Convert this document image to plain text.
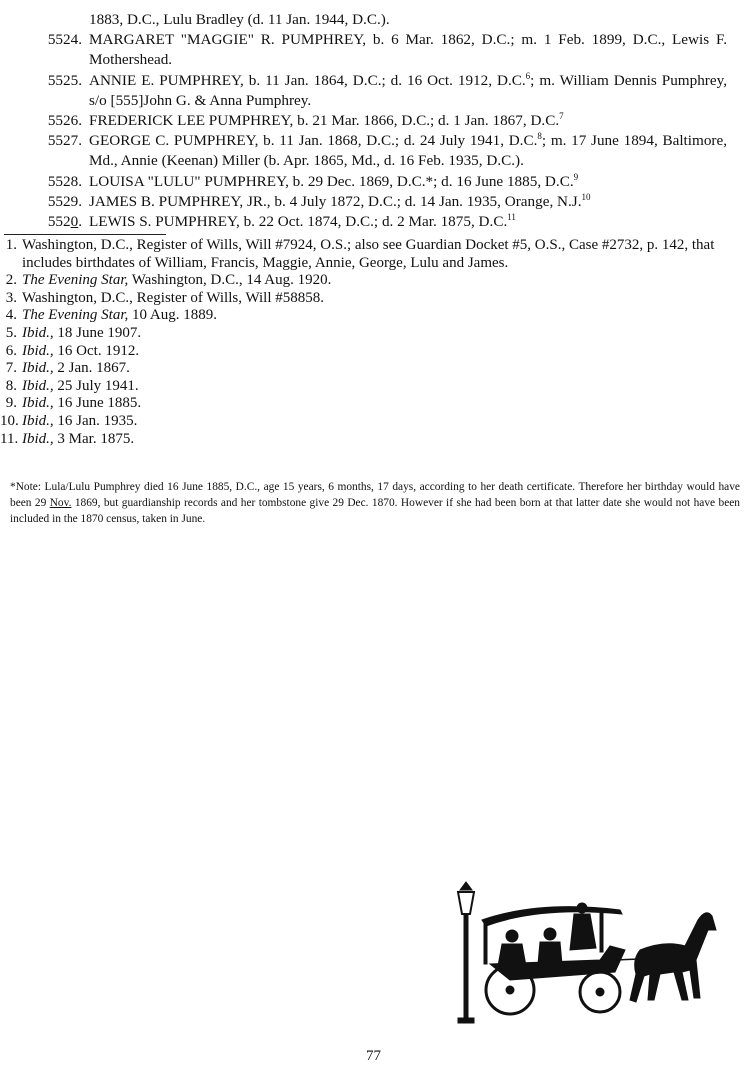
1883, D.C., Lulu Bradley (d. 11 Jan. 1944, D.C.).
5524. MARGARET "MAGGIE" R. PUMPHREY, b. 6 Mar. 1862, D.C.; m. 1 Feb. 1899, D.C., Lewis F. Mothershead.
5525. ANNIE E. PUMPHREY, b. 11 Jan. 1864, D.C.; d. 16 Oct. 1912, D.C.$^6$; m. William Dennis Pumphrey, s/o [555]John G. & Anna Pumphrey.
5526. FREDERICK LEE PUMPHREY, b. 21 Mar. 1866, D.C.; d. 1 Jan. 1867, D.C.$^7$
5527. GEORGE C. PUMPHREY, b. 11 Jan. 1868, D.C.; d. 24 July 1941, D.C.$^8$; m. 17 June 1894, Baltimore, Md., Annie (Keenan) Miller (b. Apr. 1865, Md., d. 16 Feb. 1935, D.C.).
5528. LOUISA "LULU" PUMPHREY, b. 29 Dec. 1869, D.C.*; d. 16 June 1885, D.C.$^9$
5529. JAMES B. PUMPHREY, JR., b. 4 July 1872, D.C.; d. 14 Jan. 1935, Orange, N.J.$^{10}$
5520. LEWIS S. PUMPHREY, b. 22 Oct. 1874, D.C.; d. 2 Mar. 1875, D.C.$^{11}$
1. Washington, D.C., Register of Wills, Will #7924, O.S.; also see Guardian Docket #5, O.S., Case #2732, p. 142, that includes birthdates of William, Francis, Maggie, Annie, George, Lulu and James.
2. The Evening Star, Washington, D.C., 14 Aug. 1920.
3. Washington, D.C., Register of Wills, Will #58858.
4. The Evening Star, 10 Aug. 1889.
5. Ibid., 18 June 1907.
6. Ibid., 16 Oct. 1912.
7. Ibid., 2 Jan. 1867.
8. Ibid., 25 July 1941.
9. Ibid., 16 June 1885.
10. Ibid., 16 Jan. 1935.
11. Ibid., 3 Mar. 1875.
*Note: Lula/Lulu Pumphrey died 16 June 1885, D.C., age 15 years, 6 months, 17 days, according to her death certificate. Therefore her birthday would have been 29 Nov. 1869, but guardianship records and her tombstone give 29 Dec. 1870. However if she had been born at that latter date she would not have been included in the 1870 census, taken in June.
77
